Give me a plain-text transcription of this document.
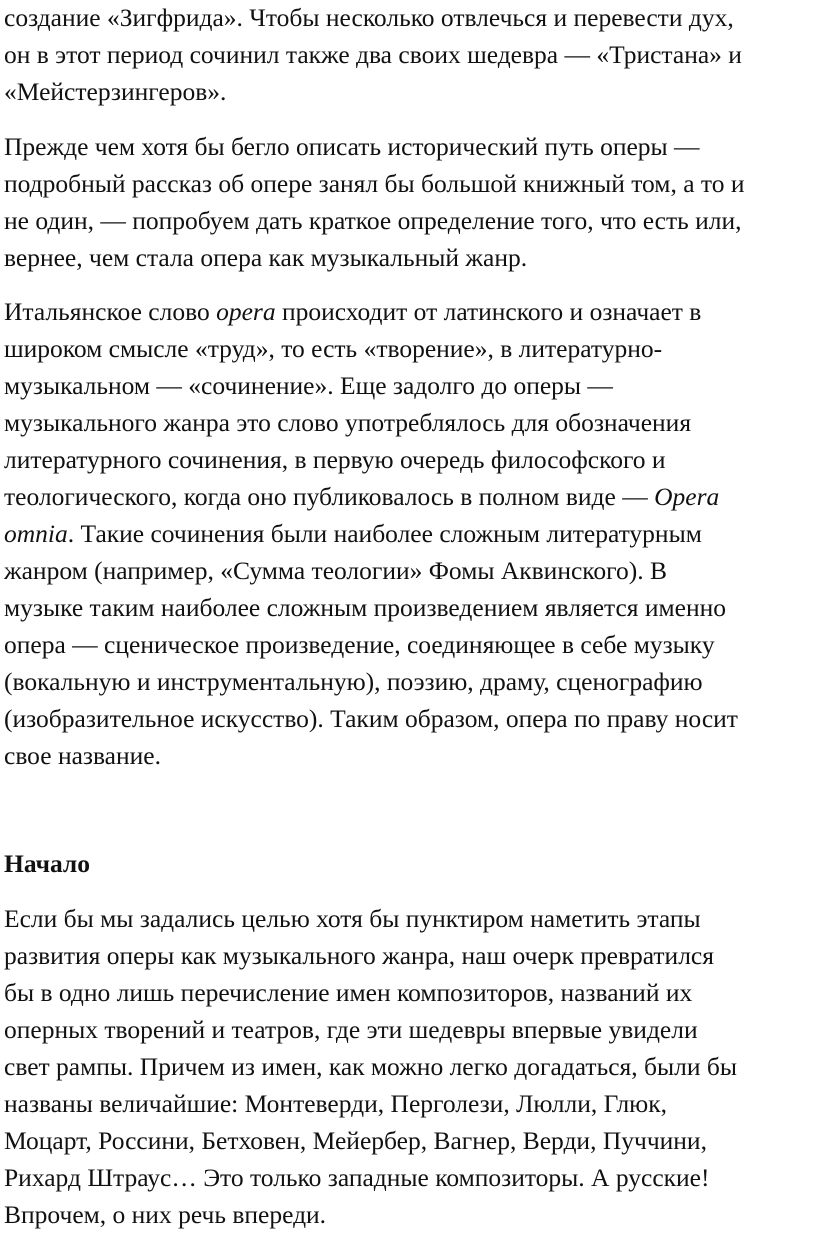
создание «Зигфрида». Чтобы несколько отвлечься и перевести дух,
он в этот период сочинил также два своих шедевра — «Тристана» и
«Мейстерзингеров».
Прежде чем хотя бы бегло описать исторический путь оперы —
подробный рассказ об опере занял бы большой книжный том, а то и
не один, — попробуем дать краткое определение того, что есть или,
вернее, чем стала опера как музыкальный жанр.
Итальянское слово opera происходит от латинского и означает в
широком смысле «труд», то есть «творение», в литературно-
музыкальном — «сочинение». Еще задолго до оперы —
музыкального жанра это слово употреблялось для обозначения
литературного сочинения, в первую очередь философского и
теологического, когда оно публиковалось в полном виде — Opera
omnia. Такие сочинения были наиболее сложным литературным
жанром (например, «Сумма теологии» Фомы Аквинского). В
музыке таким наиболее сложным произведением является именно
опера — сценическое произведение, соединяющее в себе музыку
(вокальную и инструментальную), поэзию, драму, сценографию
(изобразительное искусство). Таким образом, опера по праву носит
свое название.
Начало
Если бы мы задались целью хотя бы пунктиром наметить этапы
развития оперы как музыкального жанра, наш очерк превратился
бы в одно лишь перечисление имен композиторов, названий их
оперных творений и театров, где эти шедевры впервые увидели
свет рампы. Причем из имен, как можно легко догадаться, были бы
названы величайшие: Монтеверди, Перголези, Люлли, Глюк,
Моцарт, Россини, Бетховен, Мейербер, Вагнер, Верди, Пуччини,
Рихард Штраус… Это только западные композиторы. А русские!
Впрочем, о них речь впереди.
